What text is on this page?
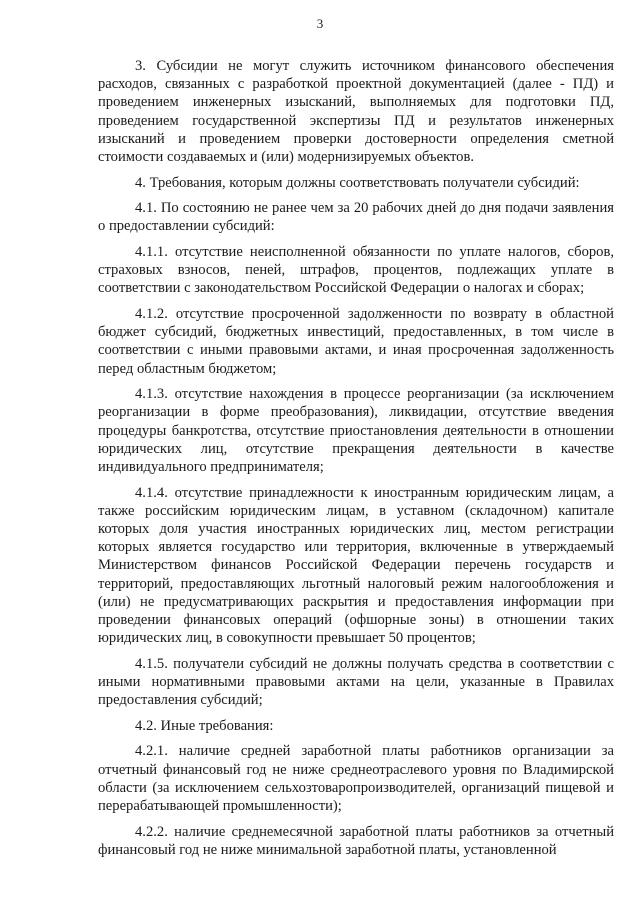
3

3. Субсидии не могут служить источником финансового обеспечения расходов, связанных с разработкой проектной документацией (далее - ПД) и проведением инженерных изысканий, выполняемых для подготовки ПД, проведением государственной экспертизы ПД и результатов инженерных изысканий и проведением проверки достоверности определения сметной стоимости создаваемых и (или) модернизируемых объектов.

4. Требования, которым должны соответствовать получатели субсидий:

4.1. По состоянию не ранее чем за 20 рабочих дней до дня подачи заявления о предоставлении субсидий:

4.1.1. отсутствие неисполненной обязанности по уплате налогов, сборов, страховых взносов, пеней, штрафов, процентов, подлежащих уплате в соответствии с законодательством Российской Федерации о налогах и сборах;

4.1.2. отсутствие просроченной задолженности по возврату в областной бюджет субсидий, бюджетных инвестиций, предоставленных, в том числе в соответствии с иными правовыми актами, и иная просроченная задолженность перед областным бюджетом;

4.1.3. отсутствие нахождения в процессе реорганизации (за исключением реорганизации в форме преобразования), ликвидации, отсутствие введения процедуры банкротства, отсутствие приостановления деятельности в отношении юридических лиц, отсутствие прекращения деятельности в качестве индивидуального предпринимателя;

4.1.4. отсутствие принадлежности к иностранным юридическим лицам, а также российским юридическим лицам, в уставном (складочном) капитале которых доля участия иностранных юридических лиц, местом регистрации которых является государство или территория, включенные в утверждаемый Министерством финансов Российской Федерации перечень государств и территорий, предоставляющих льготный налоговый режим налогообложения и (или) не предусматривающих раскрытия и предоставления информации при проведении финансовых операций (офшорные зоны) в отношении таких юридических лиц, в совокупности превышает 50 процентов;

4.1.5. получатели субсидий не должны получать средства в соответствии с иными нормативными правовыми актами на цели, указанные в Правилах предоставления субсидий;

4.2. Иные требования:

4.2.1. наличие средней заработной платы работников организации за отчетный финансовый год не ниже среднеотраслевого уровня по Владимирской области (за исключением сельхозтоваропроизводителей, организаций пищевой и перерабатывающей промышленности);

4.2.2. наличие среднемесячной заработной платы работников за отчетный финансовый год не ниже минимальной заработной платы, установленной
